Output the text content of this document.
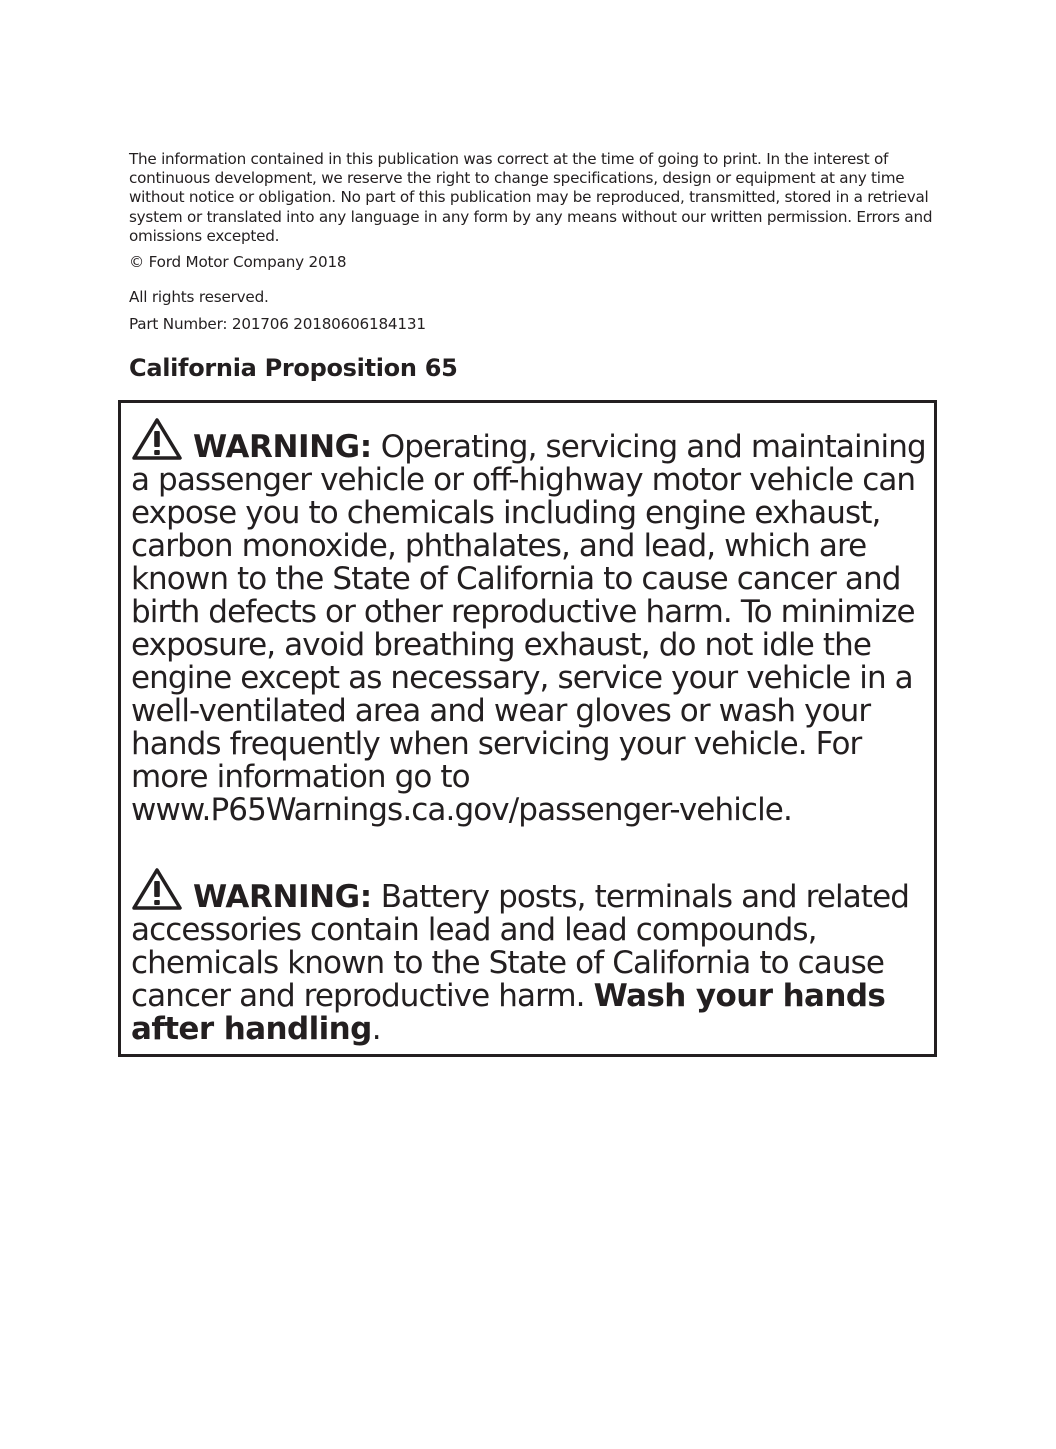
The information contained in this publication was correct at the time of going to print. In the interest of continuous development, we reserve the right to change specifications, design or equipment at any time without notice or obligation. No part of this publication may be reproduced, transmitted, stored in a retrieval system or translated into any language in any form by any means without our written permission. Errors and omissions excepted.

© Ford Motor Company 2018

All rights reserved.

Part Number: 201706 20180606184131

California Proposition 65

WARNING: Operating, servicing and maintaining a passenger vehicle or off-highway motor vehicle can expose you to chemicals including engine exhaust, carbon monoxide, phthalates, and lead, which are known to the State of California to cause cancer and birth defects or other reproductive harm. To minimize exposure, avoid breathing exhaust, do not idle the engine except as necessary, service your vehicle in a well-ventilated area and wear gloves or wash your hands frequently when servicing your vehicle. For more information go to www.P65Warnings.ca.gov/passenger-vehicle.

WARNING: Battery posts, terminals and related accessories contain lead and lead compounds, chemicals known to the State of California to cause cancer and reproductive harm. Wash your hands after handling.
